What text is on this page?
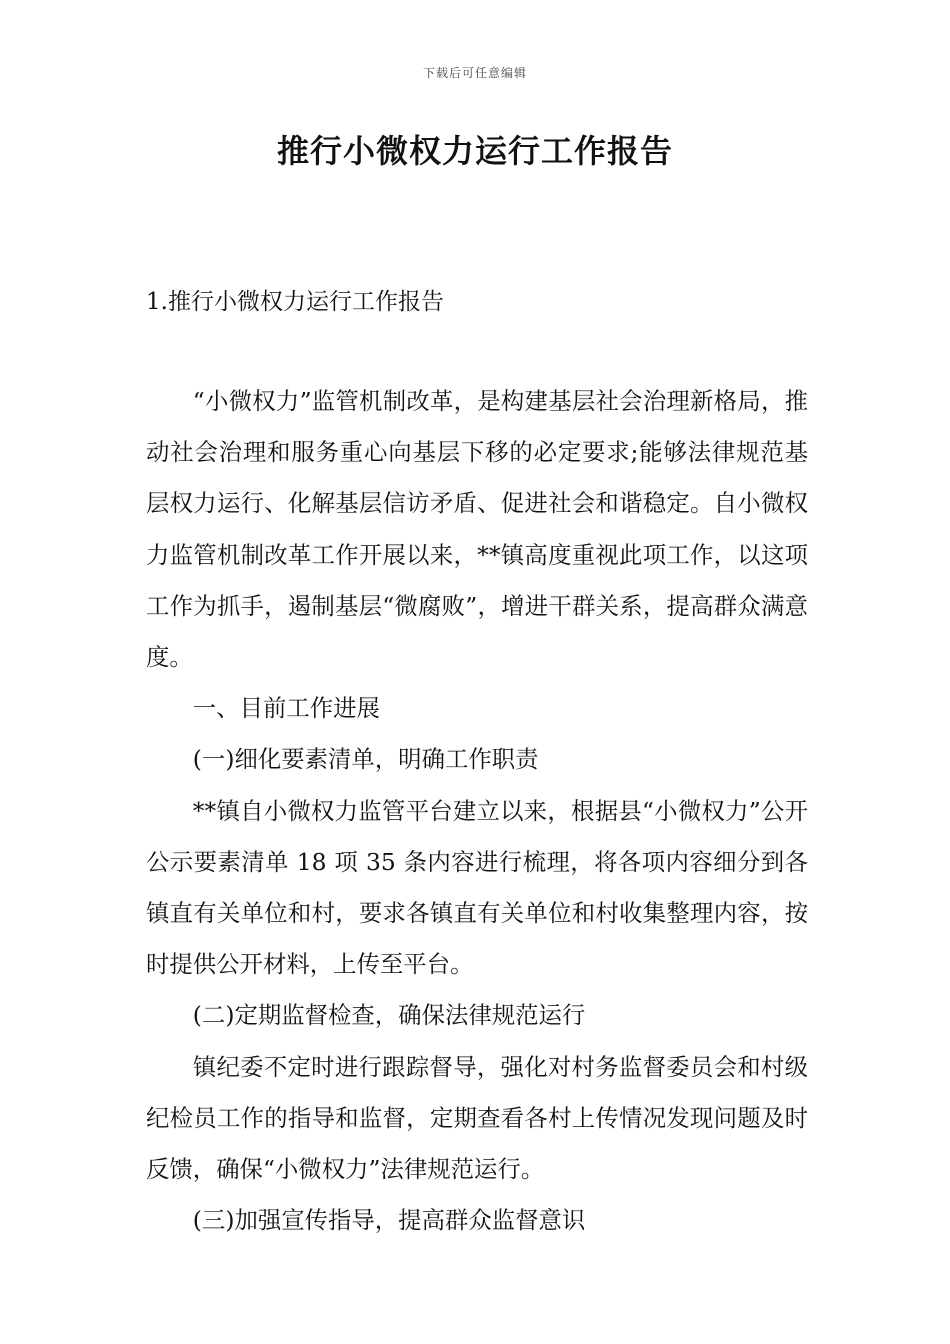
下载后可任意编辑
推行小微权力运行工作报告
1.推行小微权力运行工作报告

“小微权力”监管机制改革，是构建基层社会治理新格局，推动社会治理和服务重心向基层下移的必定要求;能够法律规范基层权力运行、化解基层信访矛盾、促进社会和谐稳定。自小微权力监管机制改革工作开展以来，**镇高度重视此项工作，以这项工作为抓手，遏制基层“微腐败”，增进干群关系，提高群众满意度。

一、目前工作进展

(一)细化要素清单，明确工作职责

**镇自小微权力监管平台建立以来，根据县“小微权力”公开公示要素清单 18 项 35 条内容进行梳理，将各项内容细分到各镇直有关单位和村，要求各镇直有关单位和村收集整理内容，按时提供公开材料，上传至平台。

(二)定期监督检查，确保法律规范运行

镇纪委不定时进行跟踪督导，强化对村务监督委员会和村级纪检员工作的指导和监督，定期查看各村上传情况发现问题及时反馈，确保“小微权力”法律规范运行。

(三)加强宣传指导，提高群众监督意识
